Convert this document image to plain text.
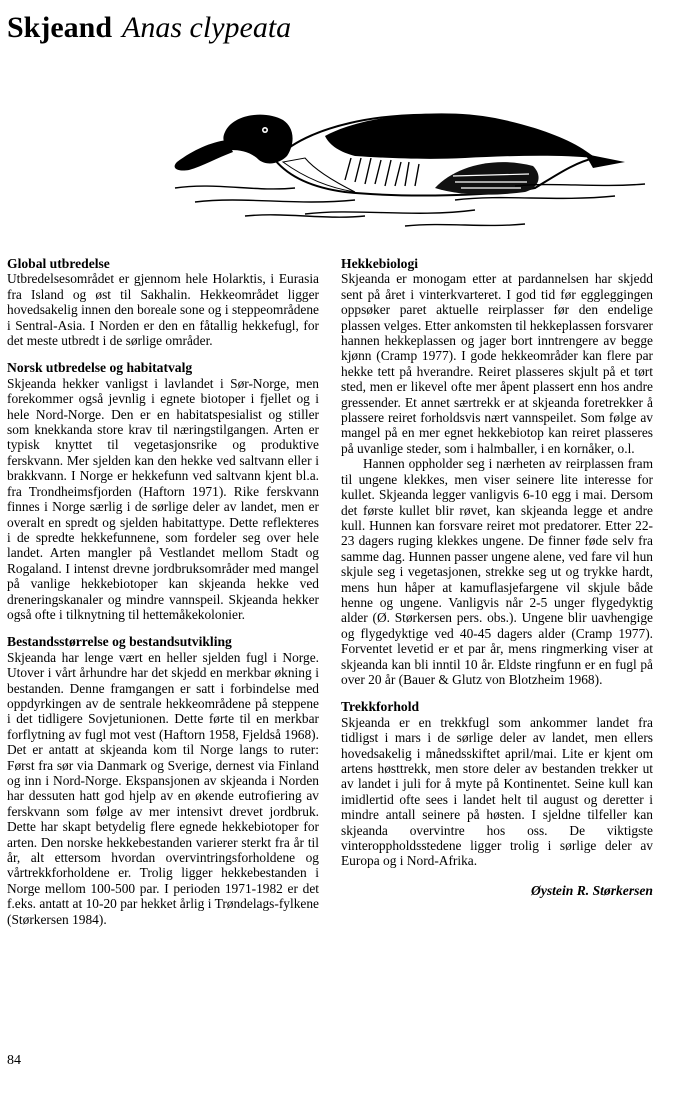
Skjeand Anas clypeata
Global utbredelse

Utbredelsesområdet er gjennom hele Holarktis, i Eurasia fra Island og øst til Sakhalin. Hekkeområdet ligger hovedsakelig innen den boreale sone og i steppeområdene i Sentral-Asia. I Norden er den en fåtallig hekkefugl, for det meste utbredt i de sørlige områder.

Norsk utbredelse og habitatvalg

Skjeanda hekker vanligst i lavlandet i Sør-Norge, men forekommer også jevnlig i egnete biotoper i fjellet og i hele Nord-Norge. Den er en habitatspesialist og stiller som knekkanda store krav til næringstilgangen. Arten er typisk knyttet til vegetasjonsrike og produktive ferskvann. Mer sjelden kan den hekke ved saltvann eller i brakkvann. I Norge er hekkefunn ved saltvann kjent bl.a. fra Trondheimsfjorden (Haftorn 1971). Rike ferskvann finnes i Norge særlig i de sørlige deler av landet, men er overalt en spredt og sjelden habitattype. Dette reflekteres i de spredte hekkefunnene, som fordeler seg over hele landet. Arten mangler på Vestlandet mellom Stadt og Rogaland. I intenst drevne jordbruksområder med mangel på vanlige hekkebiotoper kan skjeanda hekke ved dreneringskanaler og mindre vannspeil. Skjeanda hekker også ofte i tilknytning til hettemåkekolonier.

Bestandsstørrelse og bestandsutvikling

Skjeanda har lenge vært en heller sjelden fugl i Norge. Utover i vårt århundre har det skjedd en merkbar økning i bestanden. Denne framgangen er satt i forbindelse med oppdyrkingen av de sentrale hekkeområdene på steppene i det tidligere Sovjetunionen. Dette førte til en merkbar forflytning av fugl mot vest (Haftorn 1958, Fjeldså 1968). Det er antatt at skjeanda kom til Norge langs to ruter: Først fra sør via Danmark og Sverige, dernest via Finland og inn i Nord-Norge. Ekspansjonen av skjeanda i Norden har dessuten hatt god hjelp av en økende eutrofiering av ferskvann som følge av mer intensivt drevet jordbruk. Dette har skapt betydelig flere egnede hekkebiotoper for arten. Den norske hekkebestanden varierer sterkt fra år til år, alt ettersom hvordan overvintringsforholdene og vårtrekkforholdene er. Trolig ligger hekkebestanden i Norge mellom 100-500 par. I perioden 1971-1982 er det f.eks. antatt at 10-20 par hekket årlig i Trøndelags-fylkene (Størkersen 1984).

Hekkebiologi

Skjeanda er monogam etter at pardannelsen har skjedd sent på året i vinterkvarteret. I god tid før eggleggingen oppsøker paret aktuelle reirplasser før den endelige plassen velges. Etter ankomsten til hekkeplassen forsvarer hannen hekkeplassen og jager bort inntrengere av begge kjønn (Cramp 1977). I gode hekkeområder kan flere par hekke tett på hverandre. Reiret plasseres skjult på et tørt sted, men er likevel ofte mer åpent plassert enn hos andre gressender. Et annet særtrekk er at skjeanda foretrekker å plassere reiret forholdsvis nært vannspeilet. Som følge av mangel på en mer egnet hekkebiotop kan reiret plasseres på uvanlige steder, som i halmballer, i en kornåker, o.l.

Hannen oppholder seg i nærheten av reirplassen fram til ungene klekkes, men viser seinere lite interesse for kullet. Skjeanda legger vanligvis 6-10 egg i mai. Dersom det første kullet blir røvet, kan skjeanda legge et andre kull. Hunnen kan forsvare reiret mot predatorer. Etter 22-23 dagers ruging klekkes ungene. De finner føde selv fra samme dag. Hunnen passer ungene alene, ved fare vil hun skjule seg i vegetasjonen, strekke seg ut og trykke hardt, mens hun håper at kamuflasjefargene vil skjule både henne og ungene. Vanligvis når 2-5 unger flygedyktig alder (Ø. Størkersen pers. obs.). Ungene blir uavhengige og flygedyktige ved 40-45 dagers alder (Cramp 1977). Forventet levetid er et par år, mens ringmerking viser at skjeanda kan bli inntil 10 år. Eldste ringfunn er en fugl på over 20 år (Bauer & Glutz von Blotzheim 1968).

Trekkforhold

Skjeanda er en trekkfugl som ankommer landet fra tidligst i mars i de sørlige deler av landet, men ellers hovedsakelig i månedsskiftet april/mai. Lite er kjent om artens høsttrekk, men store deler av bestanden trekker ut av landet i juli for å myte på Kontinentet. Seine kull kan imidlertid ofte sees i landet helt til august og deretter i mindre antall seinere på høsten. I sjeldne tilfeller kan skjeanda overvintre hos oss. De viktigste vinteroppholdsstedene ligger trolig i sørlige deler av Europa og i Nord-Afrika.

Øystein R. Størkersen
84
